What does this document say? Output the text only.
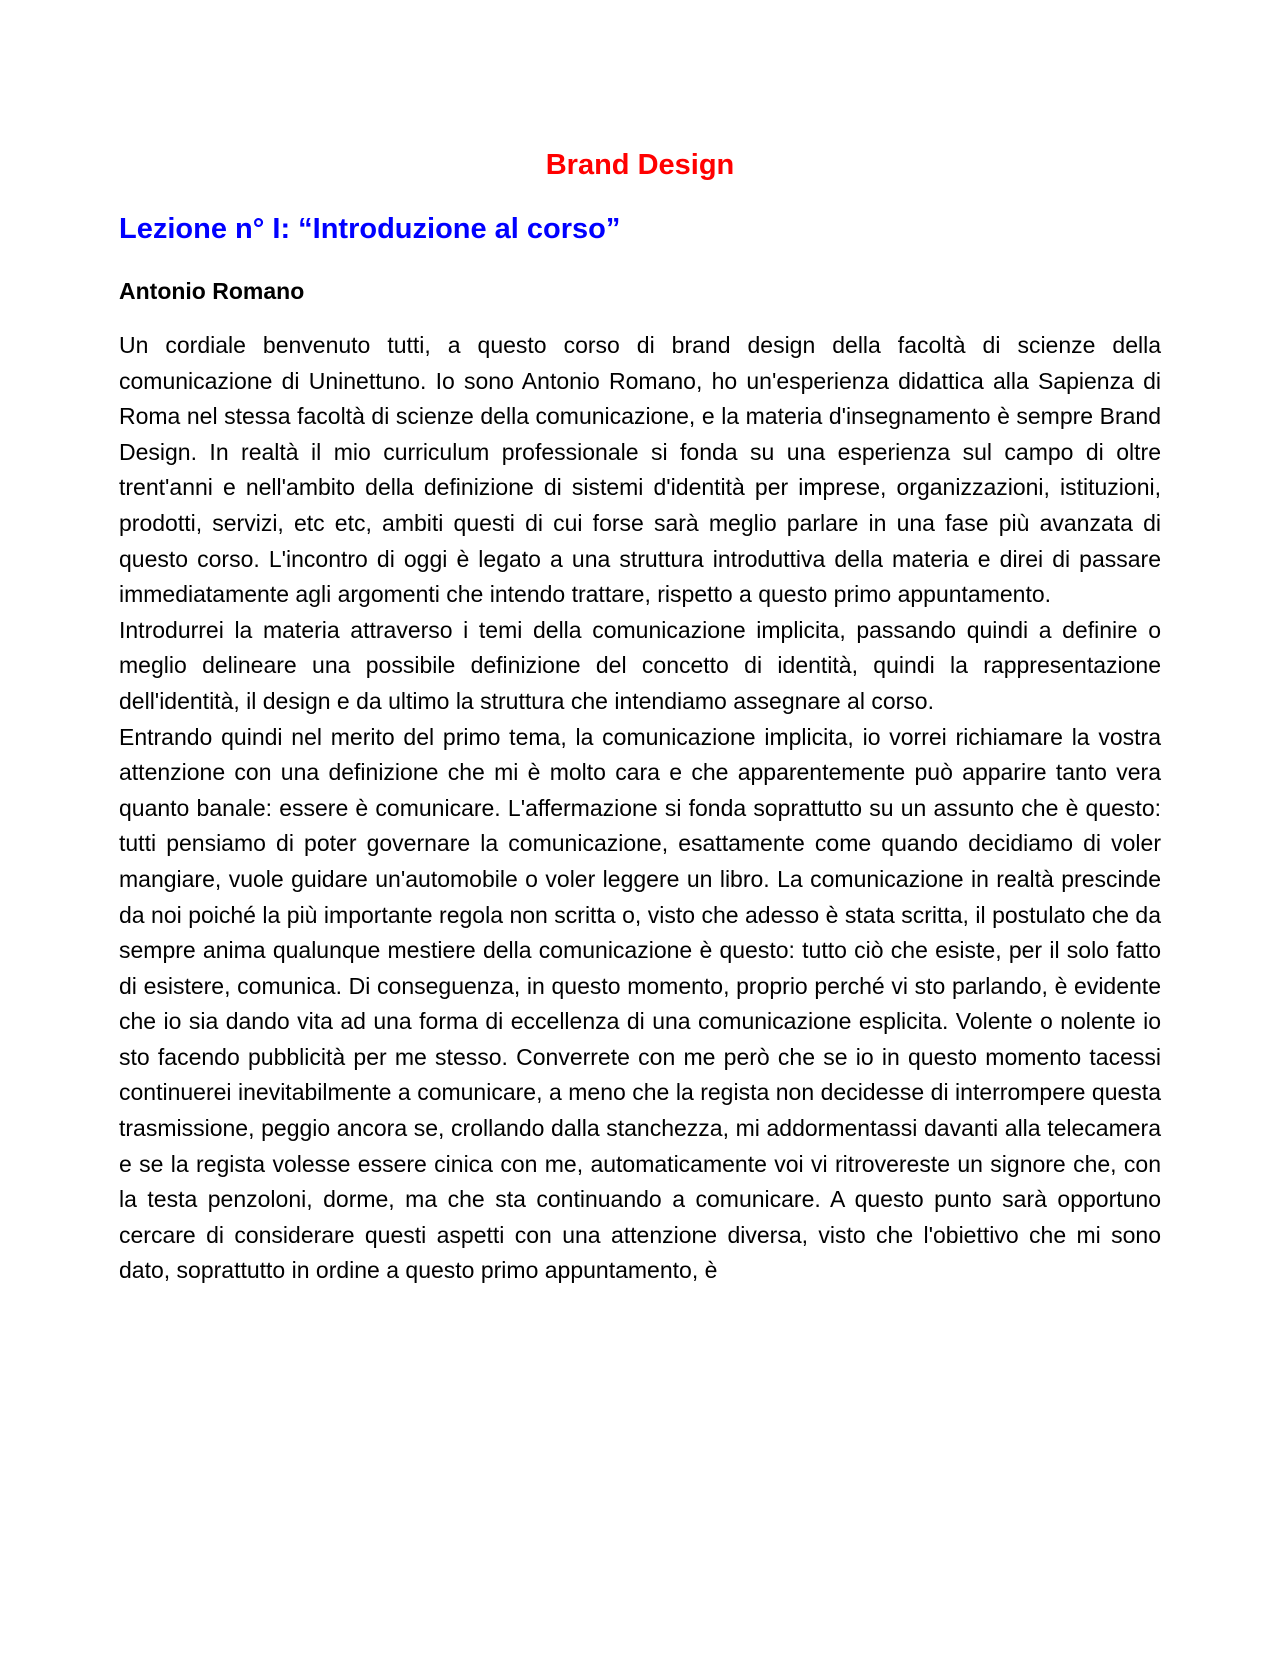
Brand Design
Lezione n° I: “Introduzione al corso”
Antonio Romano

Un cordiale benvenuto tutti, a questo corso di brand design della facoltà di scienze della comunicazione di Uninettuno. Io sono Antonio Romano, ho un'esperienza didattica alla Sapienza di Roma nel stessa facoltà di scienze della comunicazione, e la materia d'insegnamento è sempre Brand Design. In realtà il mio curriculum professionale si fonda su una esperienza sul campo di oltre trent'anni e nell'ambito della definizione di sistemi d'identità per imprese, organizzazioni, istituzioni, prodotti, servizi, etc etc, ambiti questi di cui forse sarà meglio parlare in una fase più avanzata di questo corso. L'incontro di oggi è legato a una struttura introduttiva della materia e direi di passare immediatamente agli argomenti che intendo trattare, rispetto a questo primo appuntamento.

Introdurrei la materia attraverso i temi della comunicazione implicita, passando quindi a definire o meglio delineare una possibile definizione del concetto di identità, quindi la rappresentazione dell'identità, il design e da ultimo la struttura che intendiamo assegnare al corso.

Entrando quindi nel merito del primo tema, la comunicazione implicita, io vorrei richiamare la vostra attenzione con una definizione che mi è molto cara e che apparentemente può apparire tanto vera quanto banale: essere è comunicare. L'affermazione si fonda soprattutto su un assunto che è questo: tutti pensiamo di poter governare la comunicazione, esattamente come quando decidiamo di voler mangiare, vuole guidare un'automobile o voler leggere un libro. La comunicazione in realtà prescinde da noi poiché la più importante regola non scritta o, visto che adesso è stata scritta, il postulato che da sempre anima qualunque mestiere della comunicazione è questo: tutto ciò che esiste, per il solo fatto di esistere, comunica. Di conseguenza, in questo momento, proprio perché vi sto parlando, è evidente che io sia dando vita ad una forma di eccellenza di una comunicazione esplicita. Volente o nolente io sto facendo pubblicità per me stesso. Converrete con me però che se io in questo momento tacessi continuerei inevitabilmente a comunicare, a meno che la regista non decidesse di interrompere questa trasmissione, peggio ancora se, crollando dalla stanchezza, mi addormentassi davanti alla telecamera e se la regista volesse essere cinica con me, automaticamente voi vi ritrovereste un signore che, con la testa penzoloni, dorme, ma che sta continuando a comunicare. A questo punto sarà opportuno cercare di considerare questi aspetti con una attenzione diversa, visto che l'obiettivo che mi sono dato, soprattutto in ordine a questo primo appuntamento, è
